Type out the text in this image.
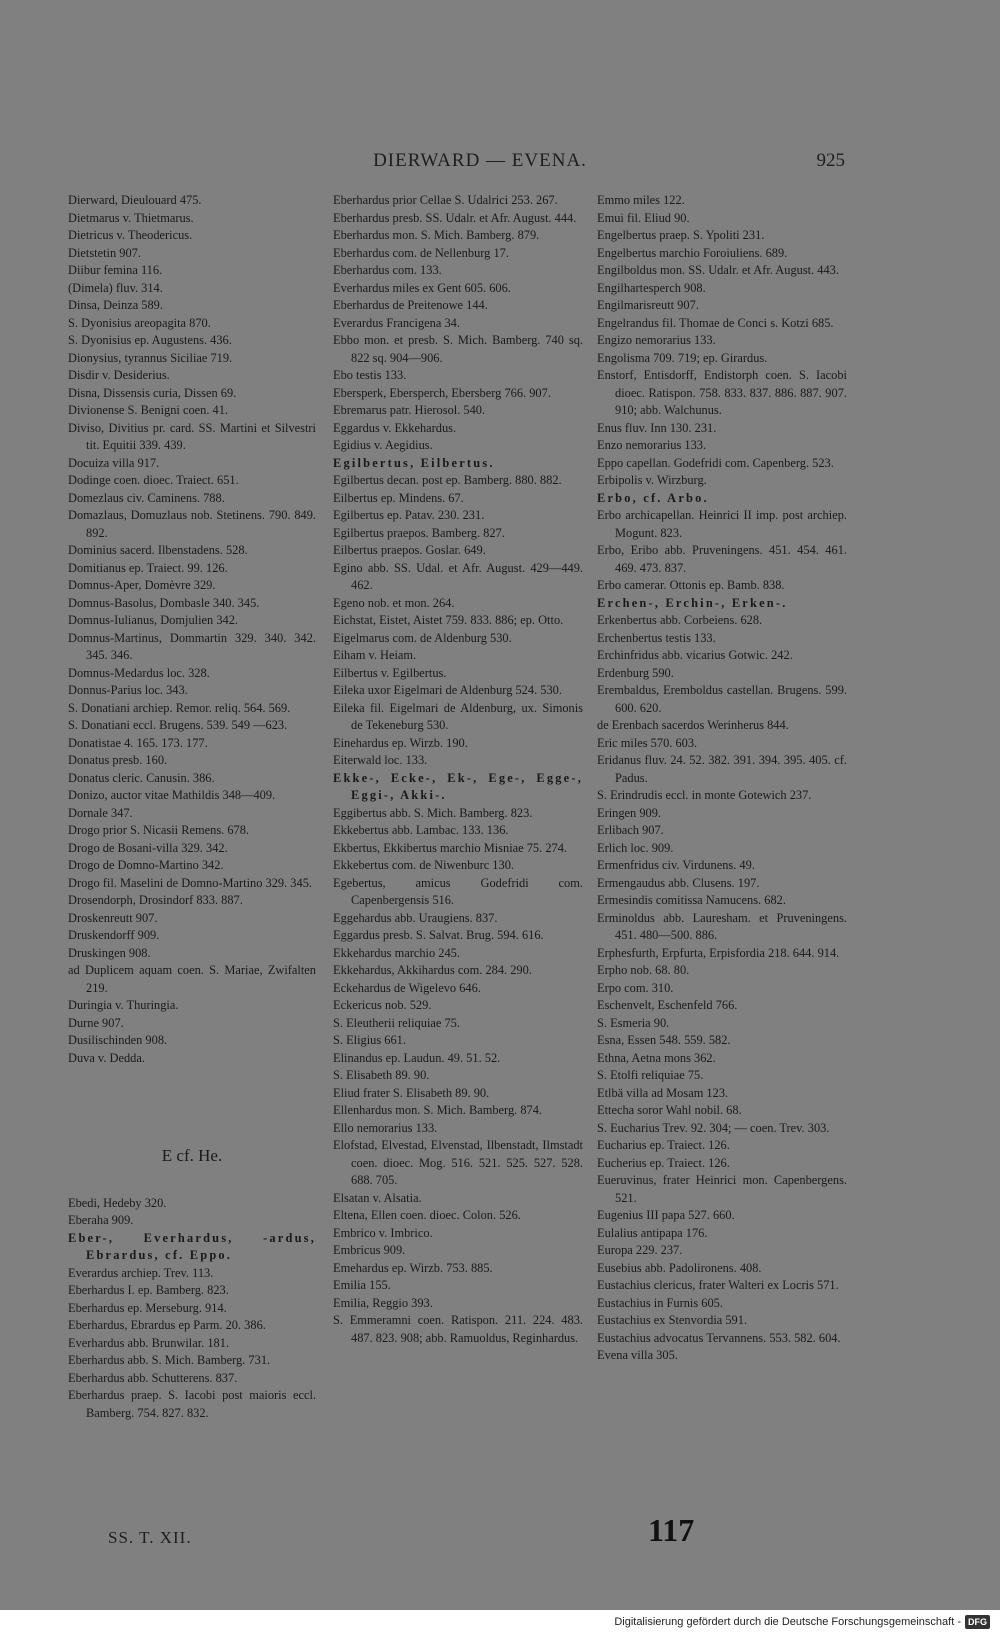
DIERWARD — EVENA.	925

Dierward, Dieulouard 475.

Dietmarus v. Thietmarus.

Dietricus v. Theodericus.

Dietstetin 907.

Diibur femina 116.

(Dimela) fluv. 314.

Dinsa, Deinza 589.

S. Dyonisius areopagita 870.

S. Dyonisius ep. Augustens. 436.

Dionysius, tyrannus Siciliae 719.

Disdir v. Desiderius.

Disna, Dissensis curia, Dissen 69.

Divionense S. Benigni coen. 41.

Diviso, Divitius pr. card. SS. Martini et Silvestri tit. Equitii 339. 439.

Docuiza villa 917.

Dodinge coen. dioec. Traiect. 651.

Domezlaus civ. Caminens. 788.

Domazlaus, Domuzlaus nob. Stetinens. 790. 849. 892.

Dominius sacerd. Ilbenstadens. 528.

Domitianus ep. Traiect. 99. 126.

Domnus-Aper, Domèvre 329.

Domnus-Basolus, Dombasle 340. 345.

Domnus-Iulianus, Domjulien 342.

Domnus-Martinus, Dommartin 329. 340. 342. 345. 346.

Domnus-Medardus loc. 328.

Donnus-Parius loc. 343.

S. Donatiani archiep. Remor. reliq. 564. 569.

S. Donatiani eccl. Brugens. 539. 549 —623.

Donatistae 4. 165. 173. 177.

Donatus presb. 160.

Donatus cleric. Canusin. 386.

Donizo, auctor vitae Mathildis 348—409.

Dornale 347.

Drogo prior S. Nicasii Remens. 678.

Drogo de Bosani-villa 329. 342.

Drogo de Domno-Martino 342.

Drogo fil. Maselini de Domno-Martino 329. 345.

Drosendorph, Drosindorf 833. 887.

Droskenreutt 907.

Druskendorff 909.

Druskingen 908.

ad Duplicem aquam coen. S. Mariae, Zwifalten 219.

Duringia v. Thuringia.

Durne 907.

Dusilischinden 908.

Duva v. Dedda.

E cf. He.

Ebedi, Hedeby 320.

Eberaha 909.

Eber-, Everhardus, -ardus, Ebrardus, cf. Eppo.

Everardus archiep. Trev. 113.

Eberhardus I. ep. Bamberg. 823.

Eberhardus ep. Merseburg. 914.

Eberhardus, Ebrardus ep Parm. 20. 386.

Everhardus abb. Brunwilar. 181.

Eberhardus abb. S. Mich. Bamberg. 731.

Eberhardus abb. Schutterens. 837.

Eberhardus praep. S. Iacobi post maioris eccl. Bamberg. 754. 827. 832.

Eberhardus prior Cellae S. Udalrici 253. 267.

Eberhardus presb. SS. Udalr. et Afr. August. 444.

Eberhardus mon. S. Mich. Bamberg. 879.

Eberhardus com. de Nellenburg 17.

Eberhardus com. 133.

Everhardus miles ex Gent 605. 606.

Eberhardus de Preitenowe 144.

Everardus Francigena 34.

Ebbo mon. et presb. S. Mich. Bamberg. 740 sq. 822 sq. 904—906.

Ebo testis 133.

Ebersperk, Ebersperch, Ebersberg 766. 907.

Ebremarus patr. Hierosol. 540.

Eggardus v. Ekkehardus.

Egidius v. Aegidius.

Egilbertus, Eilbertus.

Egilbertus decan. post ep. Bamberg. 880. 882.

Eilbertus ep. Mindens. 67.

Egilbertus ep. Patav. 230. 231.

Egilbertus praepos. Bamberg. 827.

Eilbertus praepos. Goslar. 649.

Egino abb. SS. Udal. et Afr. August. 429—449. 462.

Egeno nob. et mon. 264.

Eichstat, Eistet, Aistet 759. 833. 886; ep. Otto.

Eigelmarus com. de Aldenburg 530.

Eiham v. Heiam.

Eilbertus v. Egilbertus.

Eileka uxor Eigelmari de Aldenburg 524. 530.

Eileka fil. Eigelmari de Aldenburg, ux. Simonis de Tekeneburg 530.

Einehardus ep. Wirzb. 190.

Eiterwald loc. 133.

Ekke-, Ecke-, Ek-, Ege-, Egge-, Eggi-, Akki-.

Eggibertus abb. S. Mich. Bamberg. 823.

Ekkebertus abb. Lambac. 133. 136.

Ekbertus, Ekkibertus marchio Misniae 75. 274.

Ekkebertus com. de Niwenburc 130.

Egebertus, amicus Godefridi com. Capenbergensis 516.

Eggehardus abb. Uraugiens. 837.

Eggardus presb. S. Salvat. Brug. 594. 616.

Ekkehardus marchio 245.

Ekkehardus, Akkihardus com. 284. 290.

Eckehardus de Wigelevo 646.

Eckericus nob. 529.

S. Eleutherii reliquiae 75.

S. Eligius 661.

Elinandus ep. Laudun. 49. 51. 52.

S. Elisabeth 89. 90.

Eliud frater S. Elisabeth 89. 90.

Ellenhardus mon. S. Mich. Bamberg. 874.

Ello nemorarius 133.

Elofstad, Elvestad, Elvenstad, Ilbenstadt, Ilmstadt coen. dioec. Mog. 516. 521. 525. 527. 528. 688. 705.

Elsatan v. Alsatia.

Eltena, Ellen coen. dioec. Colon. 526.

Embrico v. Imbrico.

Embricus 909.

Emehardus ep. Wirzb. 753. 885.

Emilia 155.

Emilia, Reggio 393.

S. Emmeramni coen. Ratispon. 211. 224. 483. 487. 823. 908; abb. Ramuoldus, Reginhardus.

Emmo miles 122.

Emui fil. Eliud 90.

Engelbertus praep. S. Ypoliti 231.

Engelbertus marchio Foroiuliens. 689.

Engilboldus mon. SS. Udalr. et Afr. August. 443.

Engilhartesperch 908.

Engilmarisreutt 907.

Engelrandus fil. Thomae de Conci s. Kotzi 685.

Engizo nemorarius 133.

Engolisma 709. 719; ep. Girardus.

Enstorf, Entisdorff, Endistorph coen. S. Iacobi dioec. Ratispon. 758. 833. 837. 886. 887. 907. 910; abb. Walchunus.

Enus fluv. Inn 130. 231.

Enzo nemorarius 133.

Eppo capellan. Godefridi com. Capenberg. 523.

Erbipolis v. Wirzburg.

Erbo, cf. Arbo.

Erbo archicapellan. Heinrici II imp. post archiep. Mogunt. 823.

Erbo, Eribo abb. Pruveningens. 451. 454. 461. 469. 473. 837.

Erbo camerar. Ottonis ep. Bamb. 838.

Erchen-, Erchin-, Erken-.

Erkenbertus abb. Corbeiens. 628.

Erchenbertus testis 133.

Erchinfridus abb. vicarius Gotwic. 242.

Erdenburg 590.

Erembaldus, Eremboldus castellan. Brugens. 599. 600. 620.

de Erenbach sacerdos Werinherus 844.

Eric miles 570. 603.

Eridanus fluv. 24. 52. 382. 391. 394. 395. 405. cf. Padus.

S. Erindrudis eccl. in monte Gotewich 237.

Eringen 909.

Erlibach 907.

Erlich loc. 909.

Ermenfridus civ. Virdunens. 49.

Ermengaudus abb. Clusens. 197.

Ermesindis comitissa Namucens. 682.

Erminoldus abb. Lauresham. et Pruveningens. 451. 480—500. 886.

Erphesfurth, Erpfurta, Erpisfordia 218. 644. 914.

Erpho nob. 68. 80.

Erpo com. 310.

Eschenvelt, Eschenfeld 766.

S. Esmeria 90.

Esna, Essen 548. 559. 582.

Ethna, Aetna mons 362.

S. Etolfi reliquiae 75.

Etlbä villa ad Mosam 123.

Ettecha soror Wahl nobil. 68.

S. Eucharius Trev. 92. 304; — coen. Trev. 303.

Eucharius ep. Traiect. 126.

Eucherius ep. Traiect. 126.

Eueruvinus, frater Heinrici mon. Capenbergens. 521.

Eugenius III papa 527. 660.

Eulalius antipapa 176.

Europa 229. 237.

Eusebius abb. Padolironens. 408.

Eustachius clericus, frater Walteri ex Locris 571.

Eustachius in Furnis 605.

Eustachius ex Stenvordia 591.

Eustachius advocatus Tervannens. 553. 582. 604.

Evena villa 305.

SS. T. XII.	117
Digitalisierung gefördert durch die Deutsche Forschungsgemeinschaft - DFG
